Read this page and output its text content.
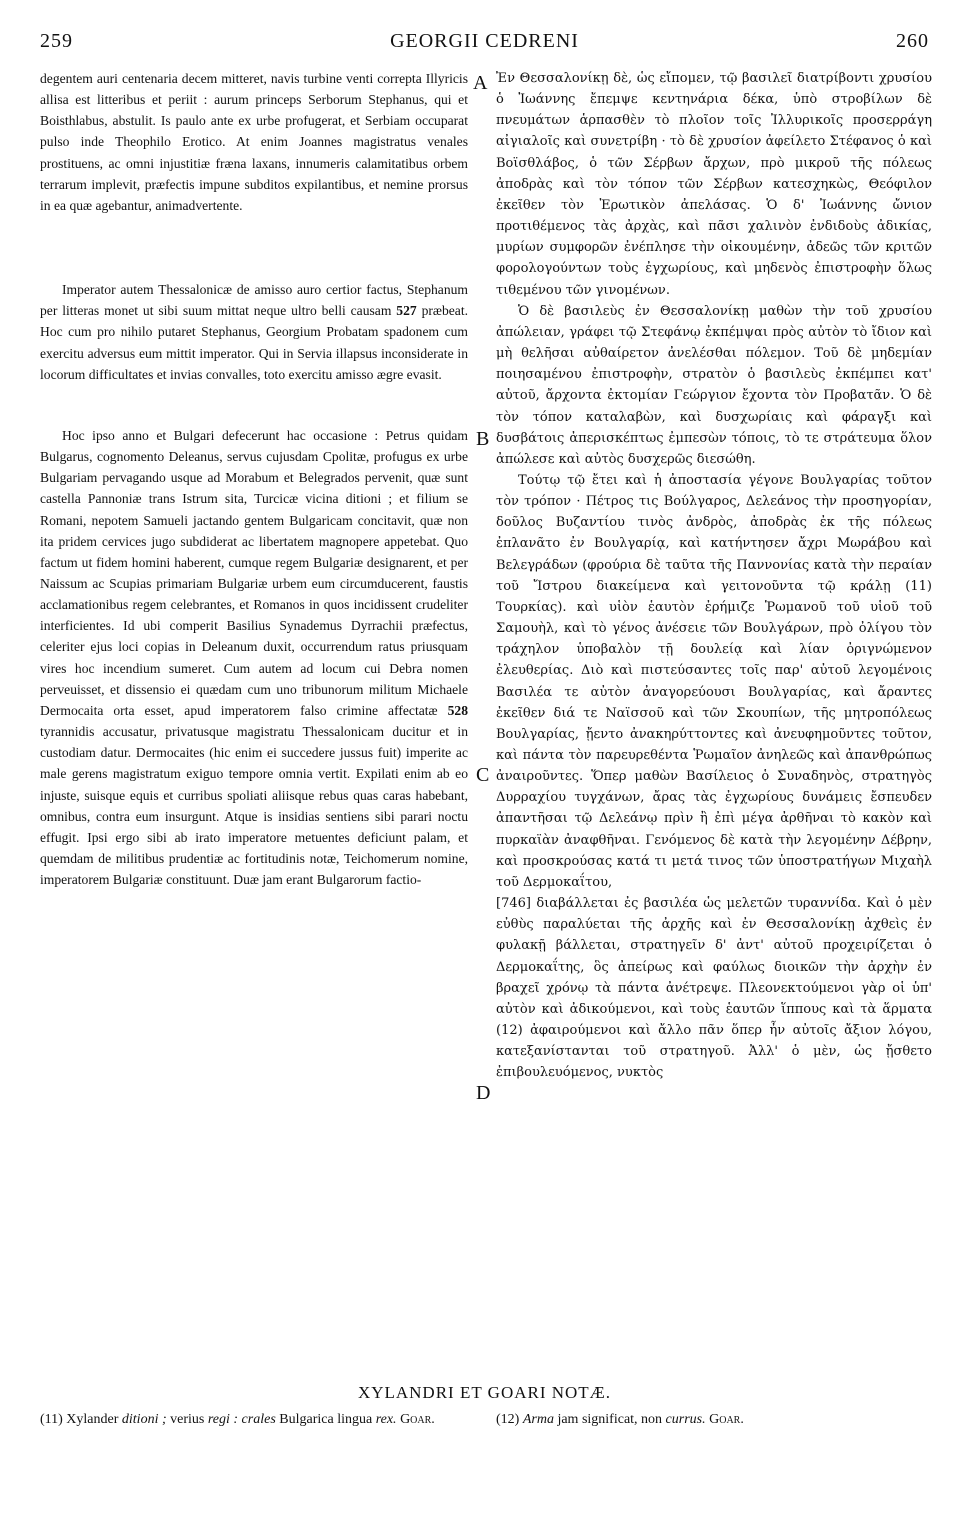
259	GEORGII CEDRENI	260

degentem auri centenaria decem mitteret, navis turbine venti correpta Illyricis allisa est litteribus et periit : aurum princeps Serborum Stephanus, qui et Boisthlabus, abstulit. Is paulo ante ex urbe profugerat, et Serbiam occuparat pulso inde Theophilo Erotico. At enim Joannes magistratus venales prostituens, ac omni injustitiæ fræna laxans, innumeris calamitatibus orbem terrarum implevit, præfectis impune subditos expilantibus, et nemine prorsus in ea quæ agebantur, animadvertente.

Imperator autem Thessalonicæ de amisso auro certior factus, Stephanum per litteras monet ut sibi suum mittat neque ultro belli causam 527 præbeat. Hoc cum pro nihilo putaret Stephanus, Georgium Probatam spadonem cum exercitu adversus eum mittit imperator. Qui in Servia illapsus inconsiderate in locorum difficultates et invias convalles, toto exercitu amisso ægre evasit.

Hoc ipso anno et Bulgari defecerunt hac occasione : Petrus quidam Bulgarus, cognomento Deleanus, servus cujusdam Cpolitæ, profugus ex urbe Bulgariam pervagando usque ad Morabum et Belegrados pervenit, quæ sunt castella Pannoniæ trans Istrum sita, Turcicæ vicina ditioni ; et filium se Romani, nepotem Samueli jactando gentem Bulgaricam concitavit, quæ non ita pridem cervices jugo subdiderat ac libertatem magnopere appetebat. Quo factum ut fidem homini haberent, cumque regem Bulgariæ designarent, et per Naissum ac Scupias primariam Bulgariæ urbem eum circumducerent, faustis acclamationibus regem celebrantes, et Romanos in quos incidissent crudeliter interficientes. Id ubi comperit Basilius Synademus Dyrrachii præfectus, celeriter ejus loci copias in Deleanum duxit, occurrendum ratus priusquam vires hoc incendium sumeret. Cum autem ad locum cui Debra nomen perveuisset, et dissensio ei quædam cum uno tribunorum militum Michaele Dermocaita orta esset, apud imperatorem falso crimine affectatæ 528 tyrannidis accusatur, privatusque magistratu Thessalonicam ducitur et in custodiam datur. Dermocaites (hic enim ei succedere jussus fuit) imperite ac male gerens magistratum exiguo tempore omnia vertit. Expilati enim ab eo injuste, suisque equis et curribus spoliati aliisque rebus quas caras habebant, omnibus, contra eum insurgunt. Atque is insidias sentiens sibi parari noctu effugit. Ipsi ergo sibi ab irato imperatore metuentes deficiunt palam, et quemdam de militibus prudentiæ ac fortitudinis notæ, Teichomerum nomine, imperatorem Bulgariæ constituunt. Duæ jam erant Bulgarorum factio-

A
B
C
D

Ἐν Θεσσαλονίκῃ δὲ, ὡς εἴπομεν, τῷ βασιλεῖ διατρίβοντι χρυσίου ὁ Ἰωάννης ἔπεμψε κεντηνάρια δέκα, ὑπὸ στροβίλων δὲ πνευμάτων ἁρπασθὲν τὸ πλοῖον τοῖς Ἰλλυρικοῖς προσερράγη αἰγιαλοῖς καὶ συνετρίβη · τὸ δὲ χρυσίον ἀφείλετο Στέφανος ὁ καὶ Βοϊσθλάβος, ὁ τῶν Σέρβων ἄρχων, πρὸ μικροῦ τῆς πόλεως ἀποδρὰς καὶ τὸν τόπον τῶν Σέρβων κατεσχηκὼς, Θεόφιλον ἐκεῖθεν τὸν Ἐρωτικὸν ἀπελάσας. Ὁ δ' Ἰωάννης ὤνιον προτιθέμενος τὰς ἀρχὰς, καὶ πᾶσι χαλινὸν ἐνδιδοὺς ἀδικίας, μυρίων συμφορῶν ἐνέπλησε τὴν οἰκουμένην, ἀδεῶς τῶν κριτῶν φορολογούντων τοὺς ἐγχωρίους, καὶ μηδενὸς ἐπιστροφὴν ὅλως τιθεμένου τῶν γινομένων.

Ὁ δὲ βασιλεὺς ἐν Θεσσαλονίκῃ μαθὼν τὴν τοῦ χρυσίου ἀπώλειαν, γράφει τῷ Στεφάνῳ ἐκπέμψαι πρὸς αὐτὸν τὸ ἴδιον καὶ μὴ θελῆσαι αὐθαίρετον ἀνελέσθαι πόλεμον. Τοῦ δὲ μηδεμίαν ποιησαμένου ἐπιστροφὴν, στρατὸν ὁ βασιλεὺς ἐκπέμπει κατ' αὐτοῦ, ἄρχοντα ἐκτομίαν Γεώργιον ἔχοντα τὸν Προβατᾶν. Ὁ δὲ τὸν τόπον καταλαβὼν, καὶ δυσχωρίαις καὶ φάραγξι καὶ δυσβάτοις ἀπερισκέπτως ἐμπεσὼν τόποις, τὸ τε στράτευμα ὅλον ἀπώλεσε καὶ αὐτὸς δυσχερῶς διεσώθη.

Τούτῳ τῷ ἔτει καὶ ἡ ἀποστασία γέγονε Βουλγαρίας τοῦτον τὸν τρόπον · Πέτρος τις Βούλγαρος, Δελεάνος τὴν προσηγορίαν, δοῦλος Βυζαντίου τινὸς ἀνδρὸς, ἀποδρὰς ἐκ τῆς πόλεως ἐπλανᾶτο ἐν Βουλγαρίᾳ, καὶ κατήντησεν ἄχρι Μωράβου καὶ Βελεγράδων (φρούρια δὲ ταῦτα τῆς Παννονίας κατὰ τὴν περαίαν τοῦ Ἴστρου διακείμενα καὶ γειτονοῦντα τῷ κράλῃ (11) Τουρκίας). καὶ υἱὸν ἑαυτὸν ἐρήμιζε Ῥωμανοῦ τοῦ υἱοῦ τοῦ Σαμουὴλ, καὶ τὸ γένος ἀνέσειε τῶν Βουλγάρων, πρὸ ὀλίγου τὸν τράχηλον ὑποβαλὸν τῇ δουλείᾳ καὶ λίαν ὀριγνώμενον ἐλευθερίας. Διὸ καὶ πιστεύσαντες τοῖς παρ' αὐτοῦ λεγομένοις Βασιλέα τε αὐτὸν ἀναγορεύουσι Βουλγαρίας, καὶ ἄραντες ἐκεῖθεν διά τε Ναϊσσοῦ καὶ τῶν Σκουπίων, τῆς μητροπόλεως Βουλγαρίας, ᾔεντο ἀνακηρύττοντες καὶ ἀνευφημοῦντες τοῦτον, καὶ πάντα τὸν παρευρεθέντα Ῥωμαῖον ἀνηλεῶς καὶ ἀπανθρώπως ἀναιροῦντες. Ὅπερ μαθὼν Βασίλειος ὁ Συναδηνὸς, στρατηγὸς Δυρραχίου τυγχάνων, ἄρας τὰς ἐγχωρίους δυνάμεις ἔσπευδεν ἀπαντῆσαι τῷ Δελεάνῳ πρὶν ἢ ἐπὶ μέγα ἀρθῆναι τὸ κακὸν καὶ πυρκαϊὰν ἀναφθῆναι. Γενόμενος δὲ κατὰ τὴν λεγομένην Δέβρην, καὶ προσκρούσας κατά τι μετά τινος τῶν ὑποστρατήγων Μιχαὴλ τοῦ Δερμοκαΐτου,

[746] διαβάλλεται ἐς βασιλέα ὡς μελετῶν τυραννίδα. Καὶ ὁ μὲν εὐθὺς παραλύεται τῆς ἀρχῆς καὶ ἐν Θεσσαλονίκῃ ἀχθεὶς ἐν φυλακῇ βάλλεται, στρατηγεῖν δ' ἀντ' αὐτοῦ προχειρίζεται ὁ Δερμοκαΐτης, ὃς ἀπείρως καὶ φαύλως διοικῶν τὴν ἀρχὴν ἐν βραχεῖ χρόνῳ τὰ πάντα ἀνέτρεψε. Πλεονεκτούμενοι γὰρ οἱ ὑπ' αὐτὸν καὶ ἀδικούμενοι, καὶ τοὺς ἑαυτῶν ἵππους καὶ τὰ ἅρματα (12) ἀφαιρούμενοι καὶ ἄλλο πᾶν ὅπερ ἦν αὐτοῖς ἄξιον λόγου, κατεξανίστανται τοῦ στρατηγοῦ. Ἀλλ' ὁ μὲν, ὡς ᾔσθετο ἐπιβουλευόμενος, νυκτὸς

XYLANDRI ET GOARI NOTÆ.
(11) Xylander ditioni ; verius regi : crales Bulgarica lingua rex. Goar.	(12) Arma jam significat, non currus. Goar.
